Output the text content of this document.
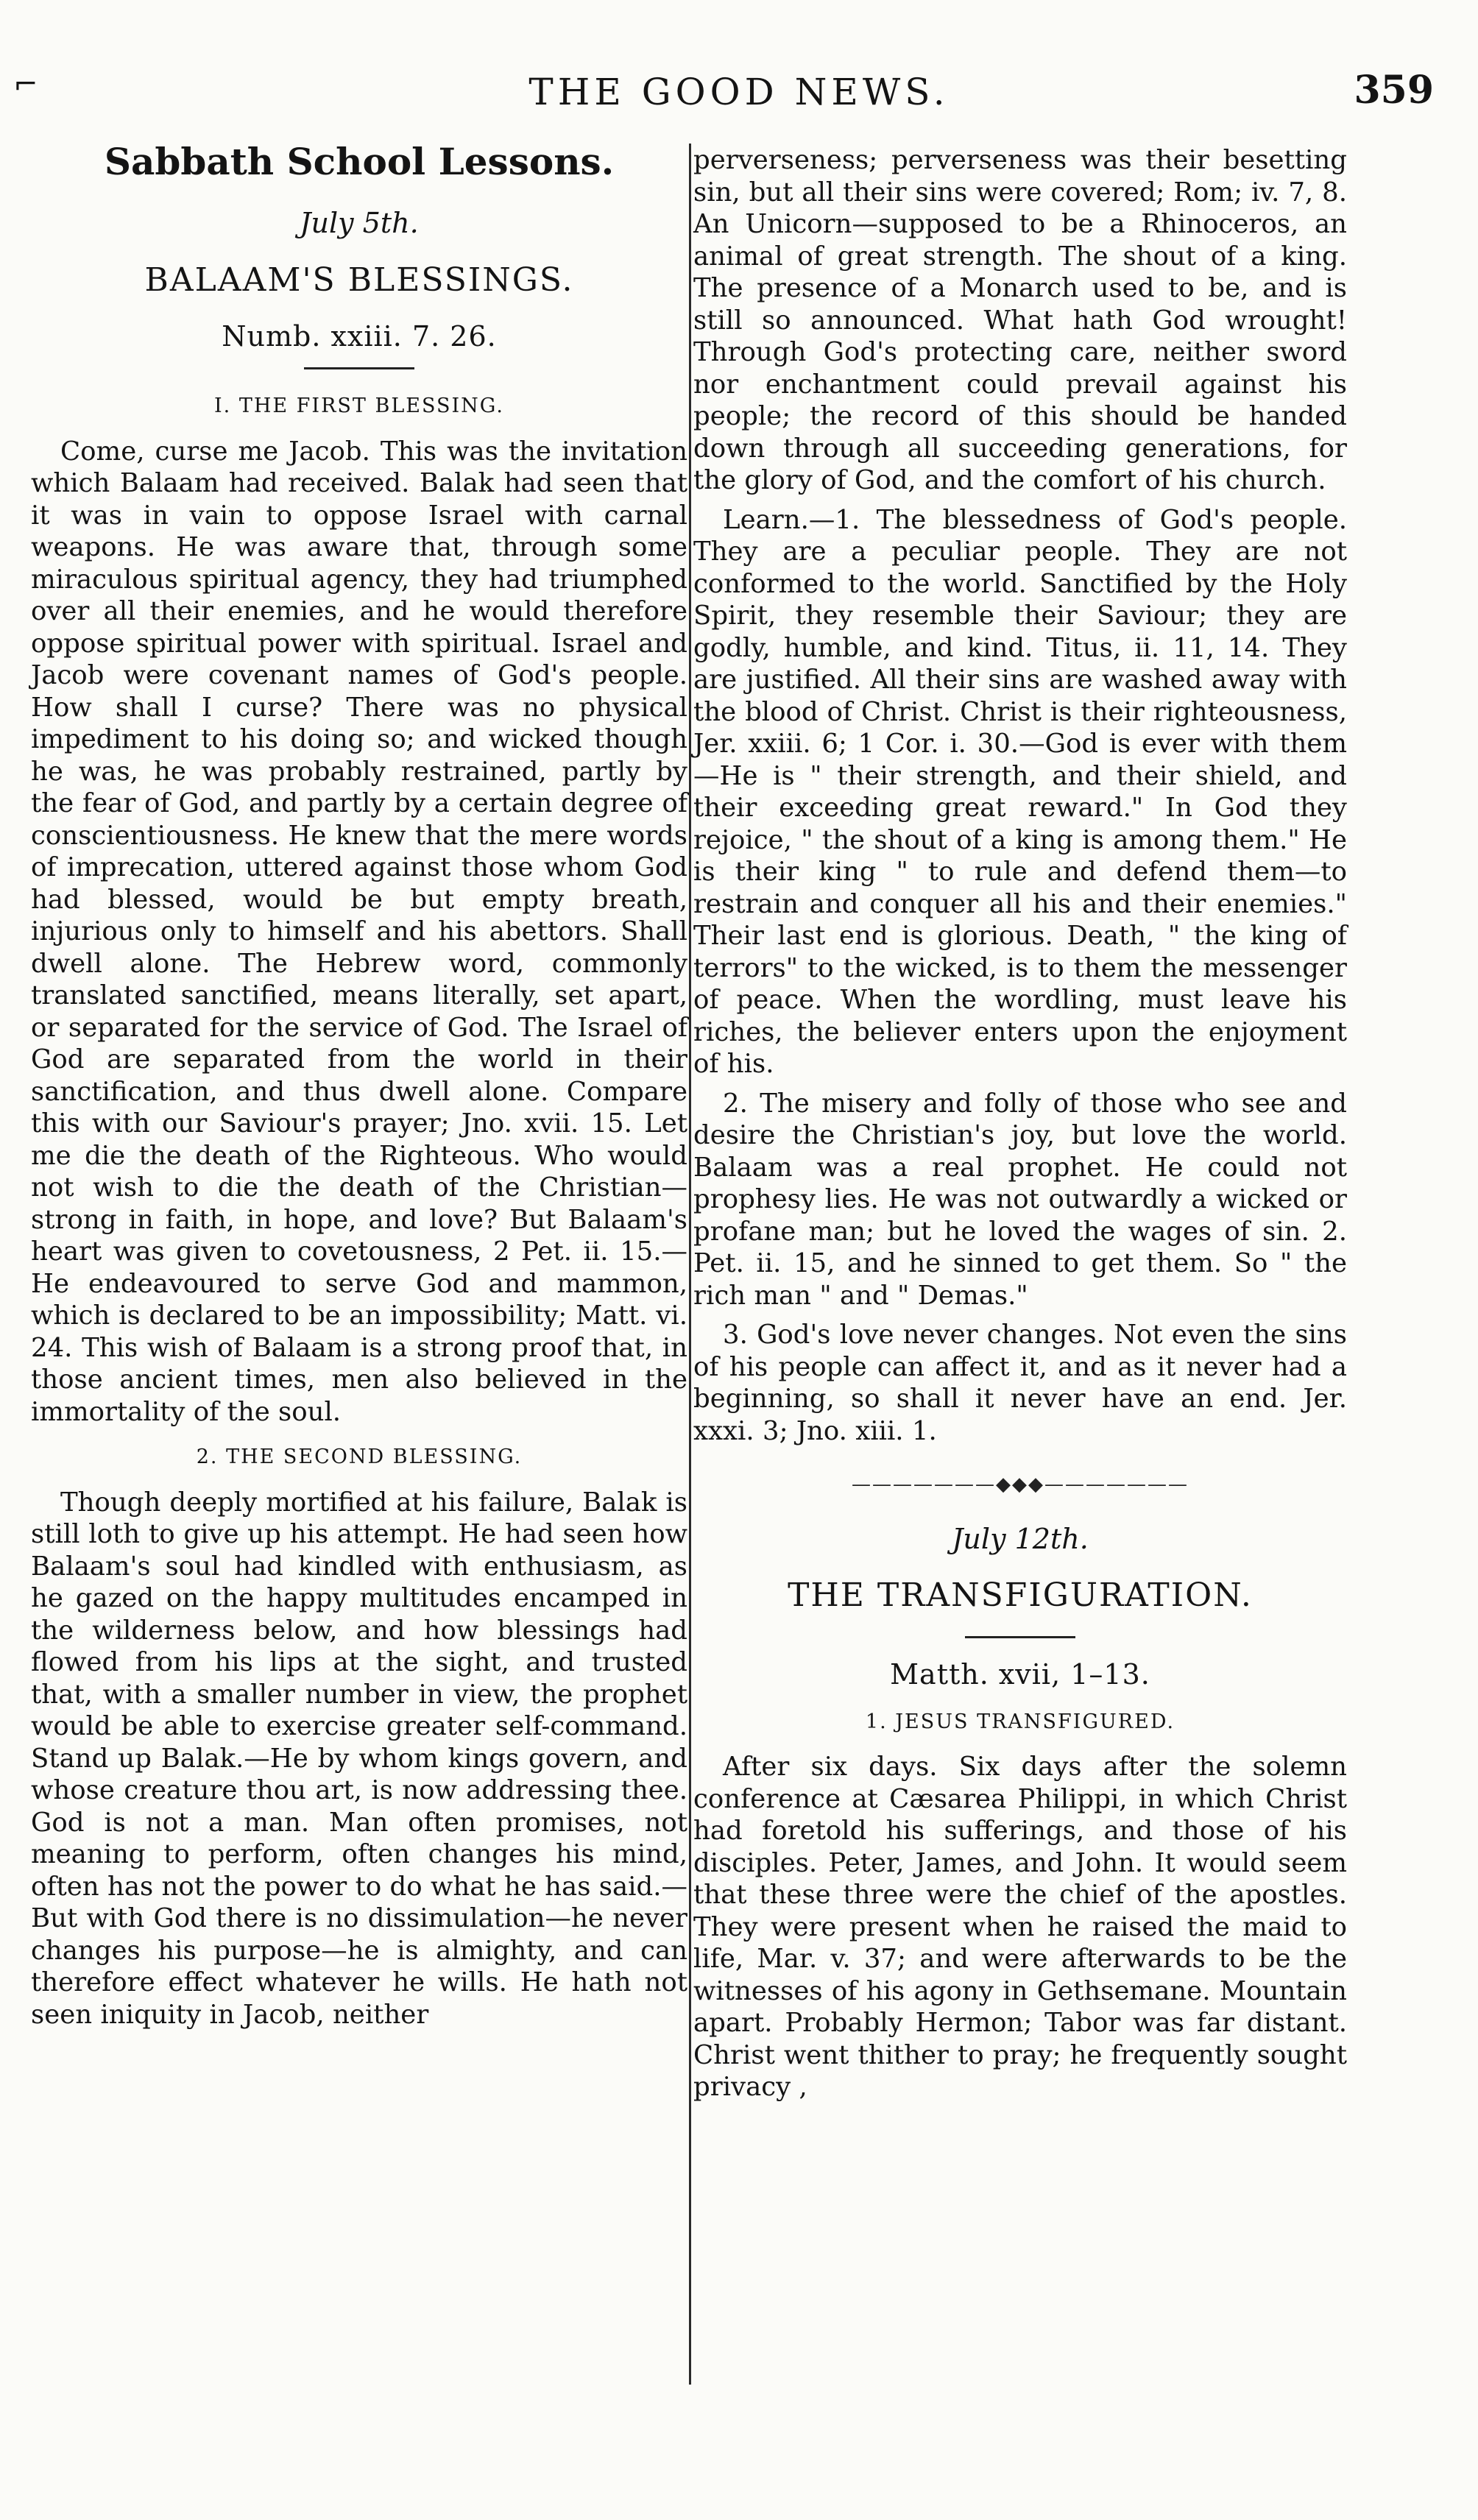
⌐	THE GOOD NEWS.	359
Sabbath School Lessons.
July 5th.
BALAAM'S BLESSINGS.
Numb. xxiii. 7. 26.
I. THE FIRST BLESSING.

Come, curse me Jacob. This was the invitation which Balaam had received. Balak had seen that it was in vain to oppose Israel with carnal weapons. He was aware that, through some miraculous spiritual agency, they had triumphed over all their enemies, and he would therefore oppose spiritual power with spiritual. Israel and Jacob were covenant names of God's people. How shall I curse? There was no physical impediment to his doing so; and wicked though he was, he was probably restrained, partly by the fear of God, and partly by a certain degree of conscientiousness. He knew that the mere words of imprecation, uttered against those whom God had blessed, would be but empty breath, injurious only to himself and his abettors. Shall dwell alone. The Hebrew word, commonly translated sanctified, means literally, set apart, or separated for the service of God. The Israel of God are separated from the world in their sanctification, and thus dwell alone. Compare this with our Saviour's prayer; Jno. xvii. 15. Let me die the death of the Righteous. Who would not wish to die the death of the Christian—strong in faith, in hope, and love? But Balaam's heart was given to covetousness, 2 Pet. ii. 15.—He endeavoured to serve God and mammon, which is declared to be an impossibility; Matt. vi. 24. This wish of Balaam is a strong proof that, in those ancient times, men also believed in the immortality of the soul.

2. THE SECOND BLESSING.

Though deeply mortified at his failure, Balak is still loth to give up his attempt. He had seen how Balaam's soul had kindled with enthusiasm, as he gazed on the happy multitudes encamped in the wilderness below, and how blessings had flowed from his lips at the sight, and trusted that, with a smaller number in view, the prophet would be able to exercise greater self-command. Stand up Balak.—He by whom kings govern, and whose creature thou art, is now addressing thee. God is not a man. Man often promises, not meaning to perform, often changes his mind, often has not the power to do what he has said.—But with God there is no dissimulation—he never changes his purpose—he is almighty, and can therefore effect whatever he wills. He hath not seen iniquity in Jacob, neither

perverseness; perverseness was their besetting sin, but all their sins were covered; Rom; iv. 7, 8. An Unicorn—supposed to be a Rhinoceros, an animal of great strength. The shout of a king. The presence of a Monarch used to be, and is still so announced. What hath God wrought! Through God's protecting care, neither sword nor enchantment could prevail against his people; the record of this should be handed down through all succeeding generations, for the glory of God, and the comfort of his church.

Learn.—1. The blessedness of God's people. They are a peculiar people. They are not conformed to the world. Sanctified by the Holy Spirit, they resemble their Saviour; they are godly, humble, and kind. Titus, ii. 11, 14. They are justified. All their sins are washed away with the blood of Christ. Christ is their righteousness, Jer. xxiii. 6; 1 Cor. i. 30.—God is ever with them—He is " their strength, and their shield, and their exceeding great reward." In God they rejoice, " the shout of a king is among them." He is their king " to rule and defend them—to restrain and conquer all his and their enemies." Their last end is glorious. Death, " the king of terrors" to the wicked, is to them the messenger of peace. When the wordling, must leave his riches, the believer enters upon the enjoyment of his.

2. The misery and folly of those who see and desire the Christian's joy, but love the world. Balaam was a real prophet. He could not prophesy lies. He was not outwardly a wicked or profane man; but he loved the wages of sin. 2. Pet. ii. 15, and he sinned to get them. So " the rich man " and " Demas."

3. God's love never changes. Not even the sins of his people can affect it, and as it never had a beginning, so shall it never have an end. Jer. xxxi. 3; Jno. xiii. 1.

———————◆◆◆———————
July 12th.
THE TRANSFIGURATION.
Matth. xvii, 1–13.
1. JESUS TRANSFIGURED.

After six days. Six days after the solemn conference at Cæsarea Philippi, in which Christ had foretold his sufferings, and those of his disciples. Peter, James, and John. It would seem that these three were the chief of the apostles. They were present when he raised the maid to life, Mar. v. 37; and were afterwards to be the witnesses of his agony in Gethsemane. Mountain apart. Probably Hermon; Tabor was far distant. Christ went thither to pray; he frequently sought privacy ,
